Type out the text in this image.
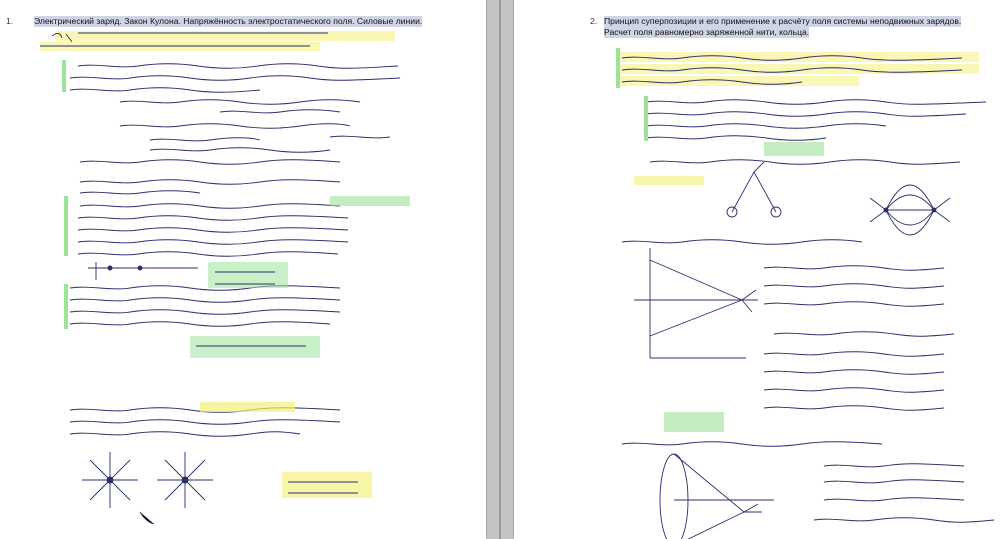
1. Электрический заряд. Закон Кулона. Напряжённость электростатического поля. Силовые линии.	2. Принцип суперпозиции и его применение к расчёту поля системы неподвижных зарядов.
Расчет поля равномерно заряженной нити, кольца.
